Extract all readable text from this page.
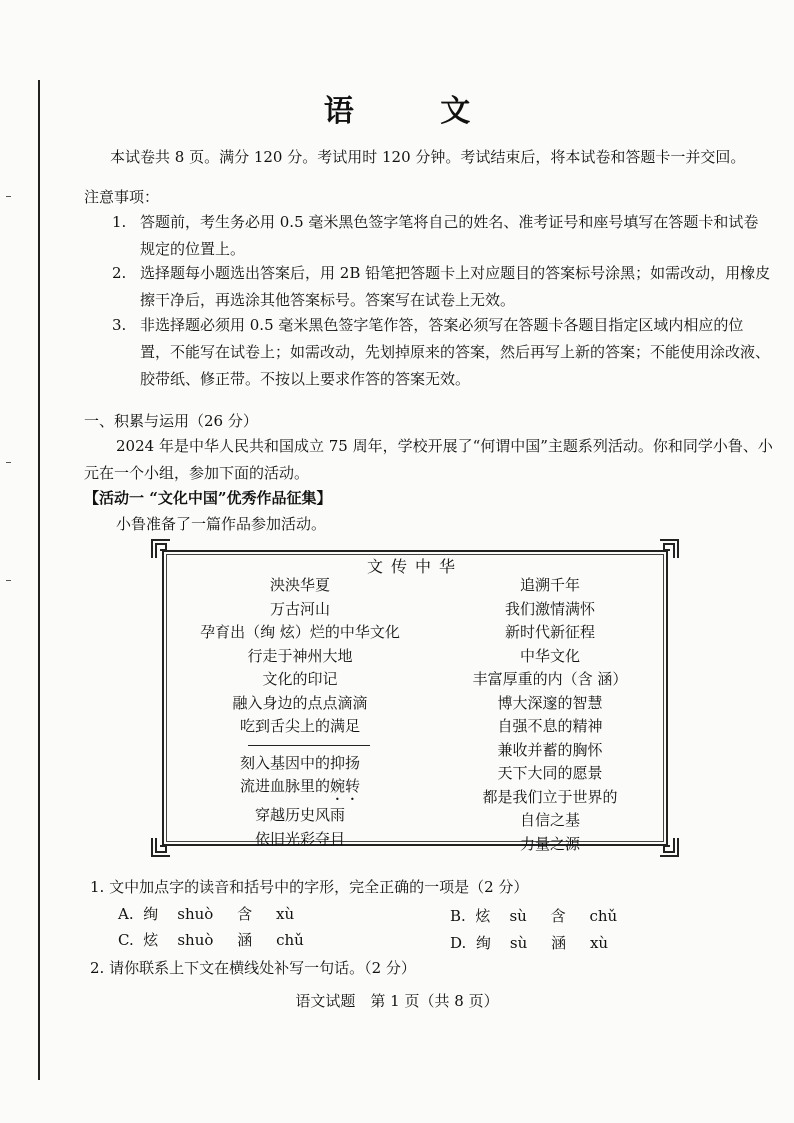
语 文
本试卷共 8 页。满分 120 分。考试用时 120 分钟。考试结束后，将本试卷和答题卡一并交回。
注意事项：
1. 答题前，考生务必用 0.5 毫米黑色签字笔将自己的姓名、准考证号和座号填写在答题卡和试卷规定的位置上。
2. 选择题每小题选出答案后，用 2B 铅笔把答题卡上对应题目的答案标号涂黑；如需改动，用橡皮擦干净后，再选涂其他答案标号。答案写在试卷上无效。
3. 非选择题必须用 0.5 毫米黑色签字笔作答，答案必须写在答题卡各题目指定区域内相应的位置，不能写在试卷上；如需改动，先划掉原来的答案，然后再写上新的答案；不能使用涂改液、胶带纸、修正带。不按以上要求作答的答案无效。
一、积累与运用（26 分）
2024 年是中华人民共和国成立 75 周年，学校开展了“何谓中国”主题系列活动。你和同学小鲁、小元在一个小组，参加下面的活动。
【活动一 “文化中国”优秀作品征集】
小鲁准备了一篇作品参加活动。
文传中华
泱泱华夏
万古河山
孕育出（绚 炫）烂的中华文化
行走于神州大地
文化的印记
融入身边的点点滴滴
吃到舌尖上的满足
刻入基因中的抑扬
流进血脉里的婉转
穿越历史风雨
依旧光彩夺目
追溯千年
我们激情满怀
新时代新征程
中华文化
丰富厚重的内（含 涵）
博大深邃的智慧
自强不息的精神
兼收并蓄的胸怀
天下大同的愿景
都是我们立于世界的
自信之基
力量之源
1. 文中加点字的读音和括号中的字形，完全正确的一项是（2 分）
A. 绚 shuò 含 xù	B. 炫 sù 含 chǔ
C. 炫 shuò 涵 chǔ	D. 绚 sù 涵 xù
2. 请你联系上下文在横线处补写一句话。（2 分）
语文试题　第 1 页（共 8 页）
